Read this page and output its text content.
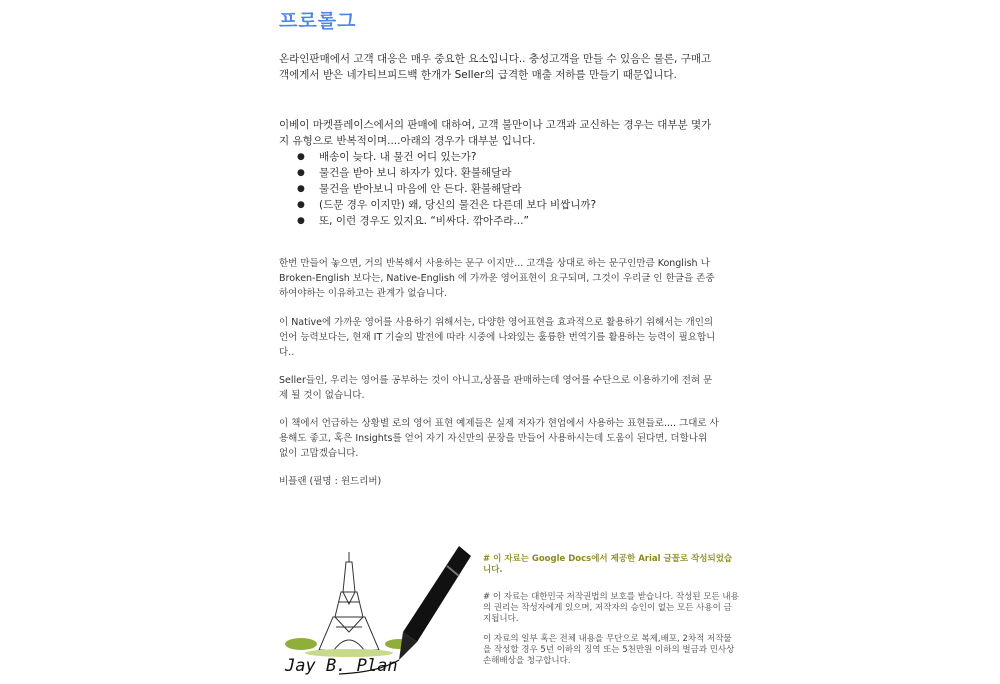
프로롤그
온라인판매에서 고객 대응은 매우 중요한 요소입니다.. 충성고객을 만들 수 있음은 물론, 구매고객에게서 받은 네가티브피드백 한개가 Seller의 급격한 매출 저하를 만들기 때문입니다.
이베이 마켓플레이스에서의 판매에 대하여, 고객 불만이나 고객과 교신하는 경우는 대부분 몇가지 유형으로 반복적이며....아래의 경우가 대부분 입니다.
● 배송이 늦다. 내 물건 어디 있는가?
● 물건을 받아 보니 하자가 있다. 환불해달라
● 물건을 받아보니 마음에 안 든다. 환불해달라
● (드문 경우 이지만) 왜, 당신의 물건은 다른데 보다 비쌉니까?
● 또, 이런 경우도 있지요. “비싸다. 깎아주라...”
한번 만들어 놓으면, 거의 반복해서 사용하는 문구 이지만... 고객을 상대로 하는 문구인만큼 Konglish 나 Broken-English 보다는, Native-English 에 가까운 영어표현이 요구되며, 그것이 우리글 인 한글을 존중하여야하는 이유하고는 관계가 없습니다.
이 Native에 가까운 영어를 사용하기 위해서는, 다양한 영어표현을 효과적으로 활용하기 위해서는 개인의 언어 능력보다는, 현재 IT 기술의 발전에 따라 시중에 나와있는 훌륭한 번역기를 활용하는 능력이 필요합니다..
Seller들인, 우리는 영어를 공부하는 것이 아니고,상품을 판매하는데 영어를 수단으로 이용하기에 전혀 문제 될 것이 없습니다.
이 책에서 언급하는 상황별 로의 영어 표현 예제들은 실제 저자가 현업에서 사용하는 표현들로.... 그대로 사용해도 좋고, 혹은 Insights를 얻어 자기 자신만의 문장을 만들어 사용하시는데 도움이 된다면, 더할나위 없이 고맙겠습니다.
비플랜 (필명 : 윈드리버)
Jay B. Plan
# 이 자료는 Google Docs에서 제공한 Arial 글꼴로 작성되었습니다.
# 이 자료는 대한민국 저작권법의 보호를 받습니다. 작성된 모든 내용의 권리는 작성자에게 있으며, 저작자의 승인이 없는 모든 사용이 금지됩니다.
이 자료의 일부 혹은 전체 내용을 무단으로 복제,배포, 2차적 저작물을 작성할 경우 5년 이하의 징역 또는 5천만원 이하의 벌금과 민사상 손해배상을 청구합니다.
